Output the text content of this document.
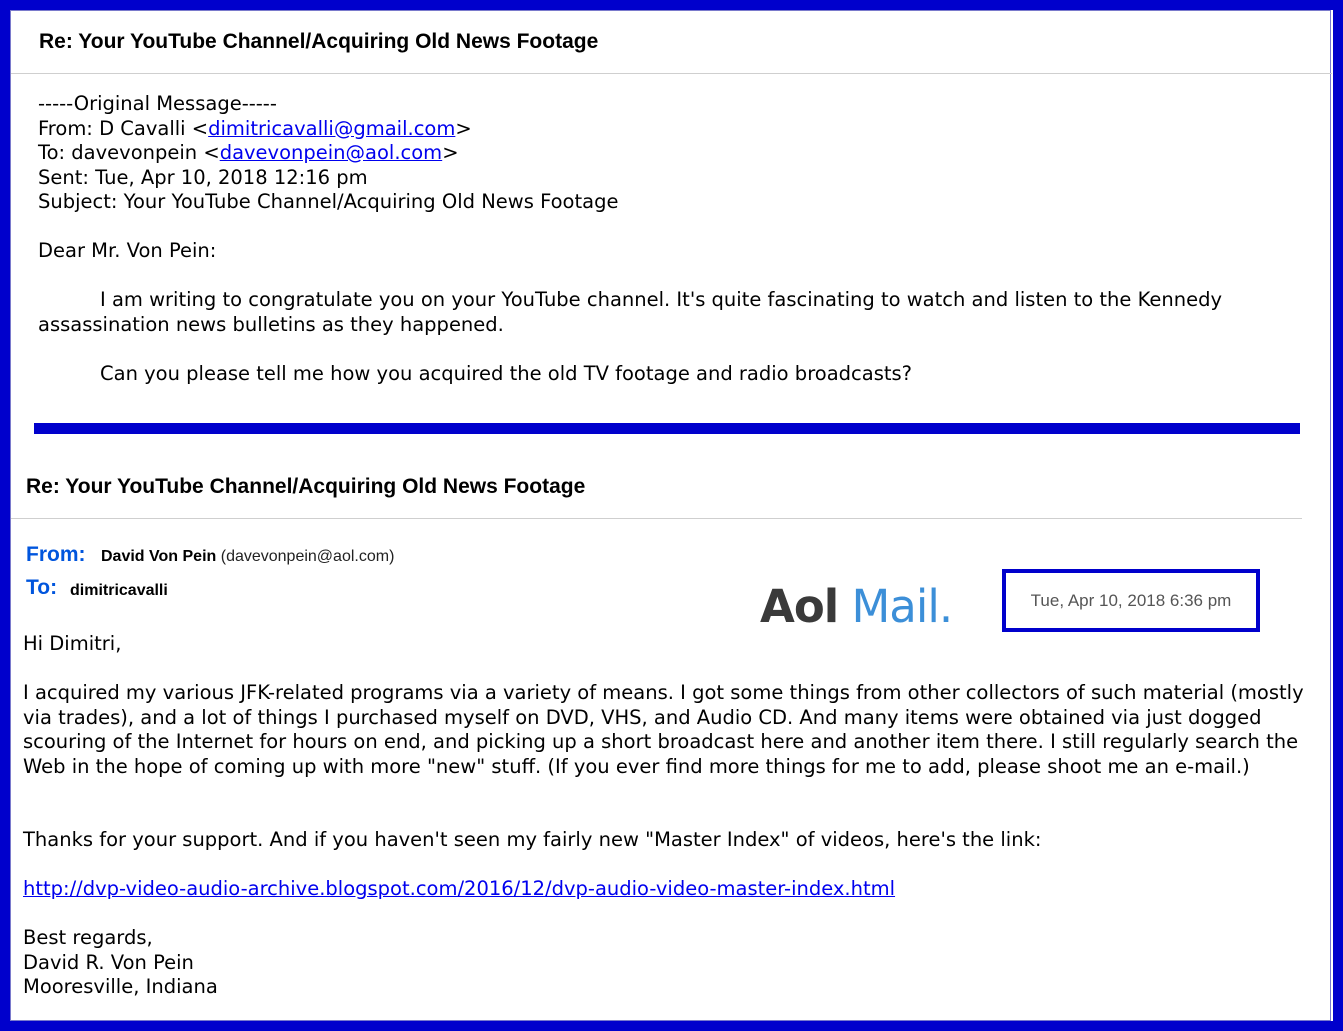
Re: Your YouTube Channel/Acquiring Old News Footage
-----Original Message-----
From: D Cavalli <dimitricavalli@gmail.com>
To: davevonpein <davevonpein@aol.com>
Sent: Tue, Apr 10, 2018 12:16 pm
Subject: Your YouTube Channel/Acquiring Old News Footage
Dear Mr. Von Pein:
I am writing to congratulate you on your YouTube channel. It's quite fascinating to watch and listen to the Kennedy assassination news bulletins as they happened.
Can you please tell me how you acquired the old TV footage and radio broadcasts?
Re: Your YouTube Channel/Acquiring Old News Footage
From: David Von Pein (davevonpein@aol.com)
To: dimitricavalli	Aol Mail.	Tue, Apr 10, 2018 6:36 pm
Hi Dimitri,
I acquired my various JFK-related programs via a variety of means. I got some things from other collectors of such material (mostly via trades), and a lot of things I purchased myself on DVD, VHS, and Audio CD. And many items were obtained via just dogged scouring of the Internet for hours on end, and picking up a short broadcast here and another item there. I still regularly search the Web in the hope of coming up with more "new" stuff. (If you ever find more things for me to add, please shoot me an e-mail.)
Thanks for your support. And if you haven't seen my fairly new "Master Index" of videos, here's the link:
http://dvp-video-audio-archive.blogspot.com/2016/12/dvp-audio-video-master-index.html
Best regards,
David R. Von Pein
Mooresville, Indiana
